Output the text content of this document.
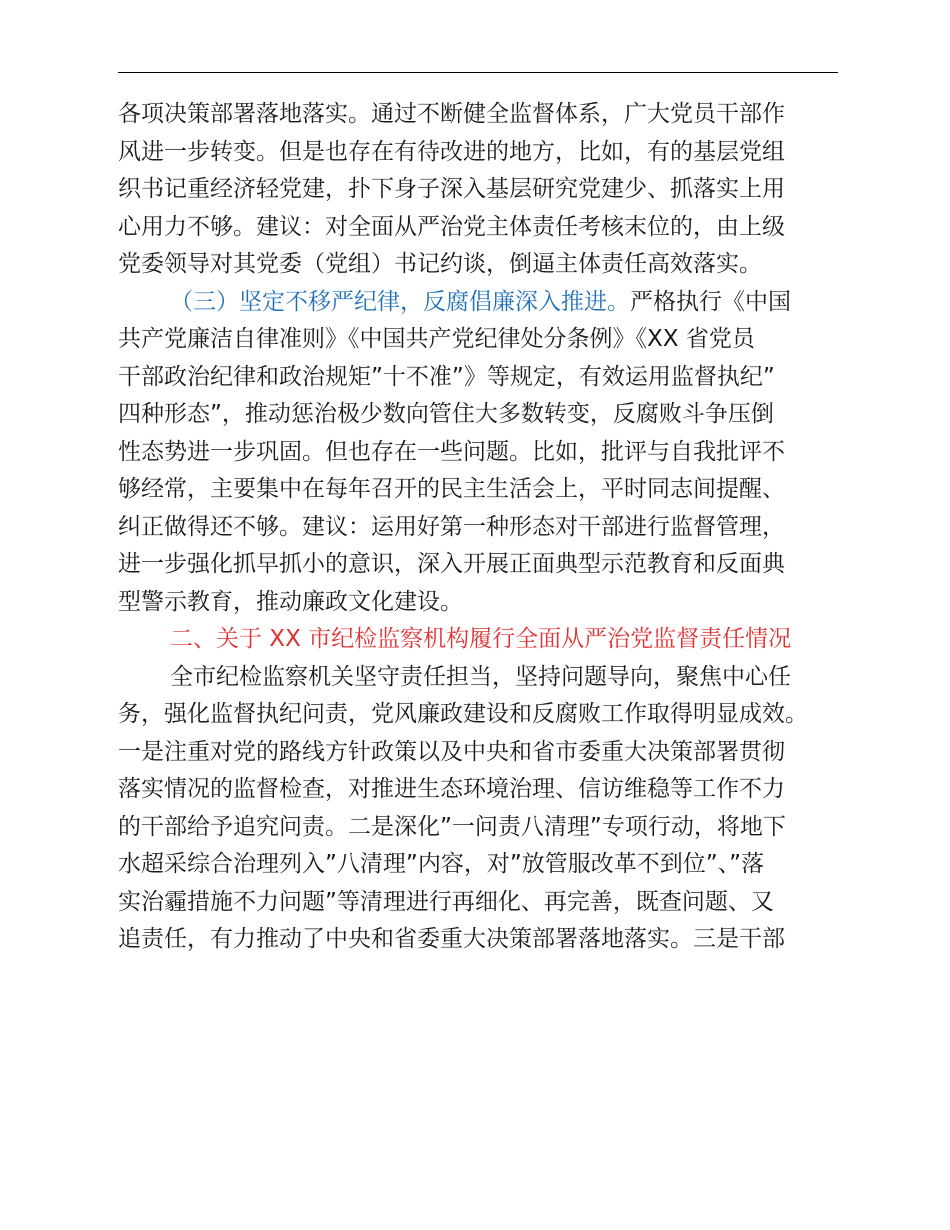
各项决策部署落地落实。通过不断健全监督体系，广大党员干部作
风进一步转变。但是也存在有待改进的地方，比如，有的基层党组
织书记重经济轻党建，扑下身子深入基层研究党建少、抓落实上用
心用力不够。建议：对全面从严治党主体责任考核末位的，由上级
党委领导对其党委（党组）书记约谈，倒逼主体责任高效落实。
（三）坚定不移严纪律，反腐倡廉深入推进。严格执行《中国
共产党廉洁自律准则》《中国共产党纪律处分条例》《XX 省党员
干部政治纪律和政治规矩”十不准”》等规定，有效运用监督执纪”
四种形态”，推动惩治极少数向管住大多数转变，反腐败斗争压倒
性态势进一步巩固。但也存在一些问题。比如，批评与自我批评不
够经常，主要集中在每年召开的民主生活会上，平时同志间提醒、
纠正做得还不够。建议：运用好第一种形态对干部进行监督管理，
进一步强化抓早抓小的意识，深入开展正面典型示范教育和反面典
型警示教育，推动廉政文化建设。
二、关于 XX 市纪检监察机构履行全面从严治党监督责任情况
全市纪检监察机关坚守责任担当，坚持问题导向，聚焦中心任
务，强化监督执纪问责，党风廉政建设和反腐败工作取得明显成效。
一是注重对党的路线方针政策以及中央和省市委重大决策部署贯彻
落实情况的监督检查，对推进生态环境治理、信访维稳等工作不力
的干部给予追究问责。二是深化”一问责八清理”专项行动，将地下
水超采综合治理列入”八清理”内容，对”放管服改革不到位”、”落
实治霾措施不力问题”等清理进行再细化、再完善，既查问题、又
追责任，有力推动了中央和省委重大决策部署落地落实。三是干部
